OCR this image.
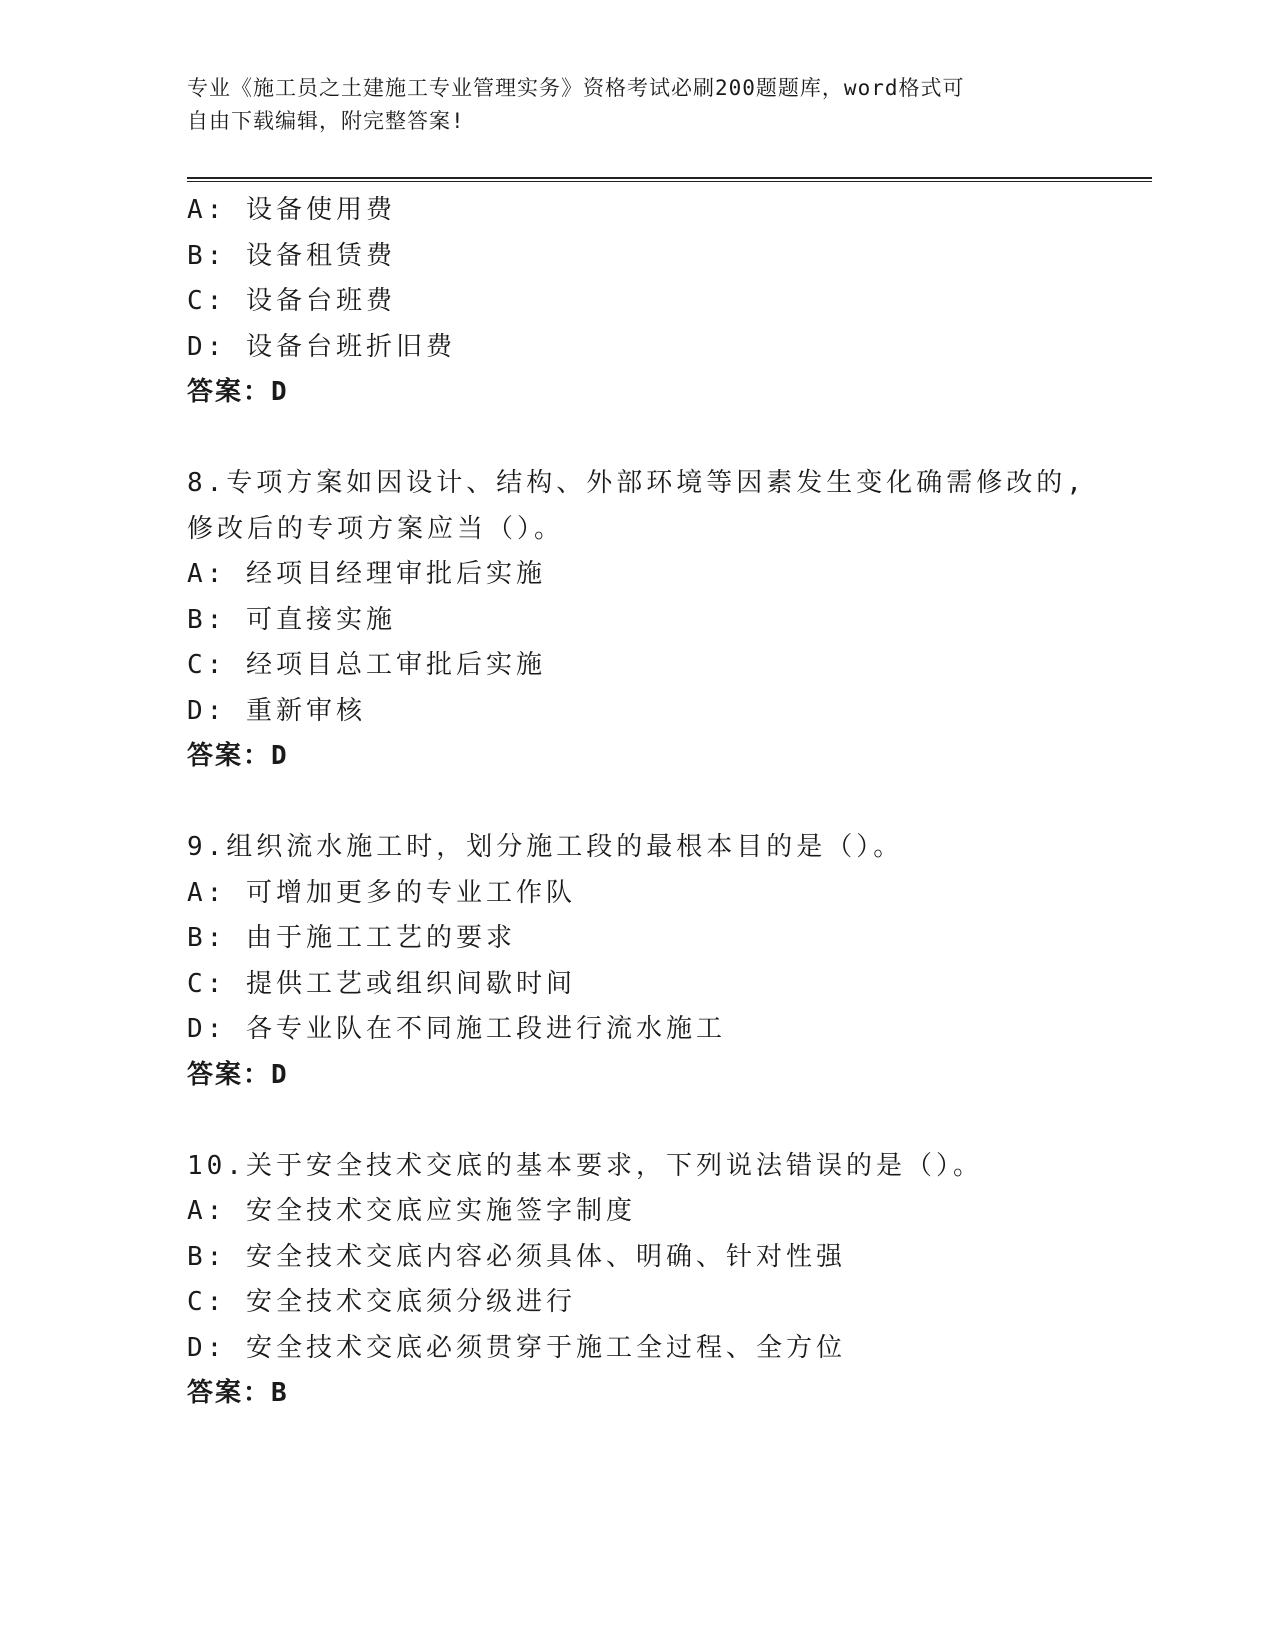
专业《施工员之土建施工专业管理实务》资格考试必刷200题题库，word格式可
自由下载编辑，附完整答案!
A: 设备使用费
B: 设备租赁费
C: 设备台班费
D: 设备台班折旧费
答案：D
8.专项方案如因设计、结构、外部环境等因素发生变化确需修改的,
修改后的专项方案应当（）。
A: 经项目经理审批后实施
B: 可直接实施
C: 经项目总工审批后实施
D: 重新审核
答案：D
9.组织流水施工时，划分施工段的最根本目的是（）。
A: 可增加更多的专业工作队
B: 由于施工工艺的要求
C: 提供工艺或组织间歇时间
D: 各专业队在不同施工段进行流水施工
答案：D
10.关于安全技术交底的基本要求，下列说法错误的是（）。
A: 安全技术交底应实施签字制度
B: 安全技术交底内容必须具体、明确、针对性强
C: 安全技术交底须分级进行
D: 安全技术交底必须贯穿于施工全过程、全方位
答案：B
